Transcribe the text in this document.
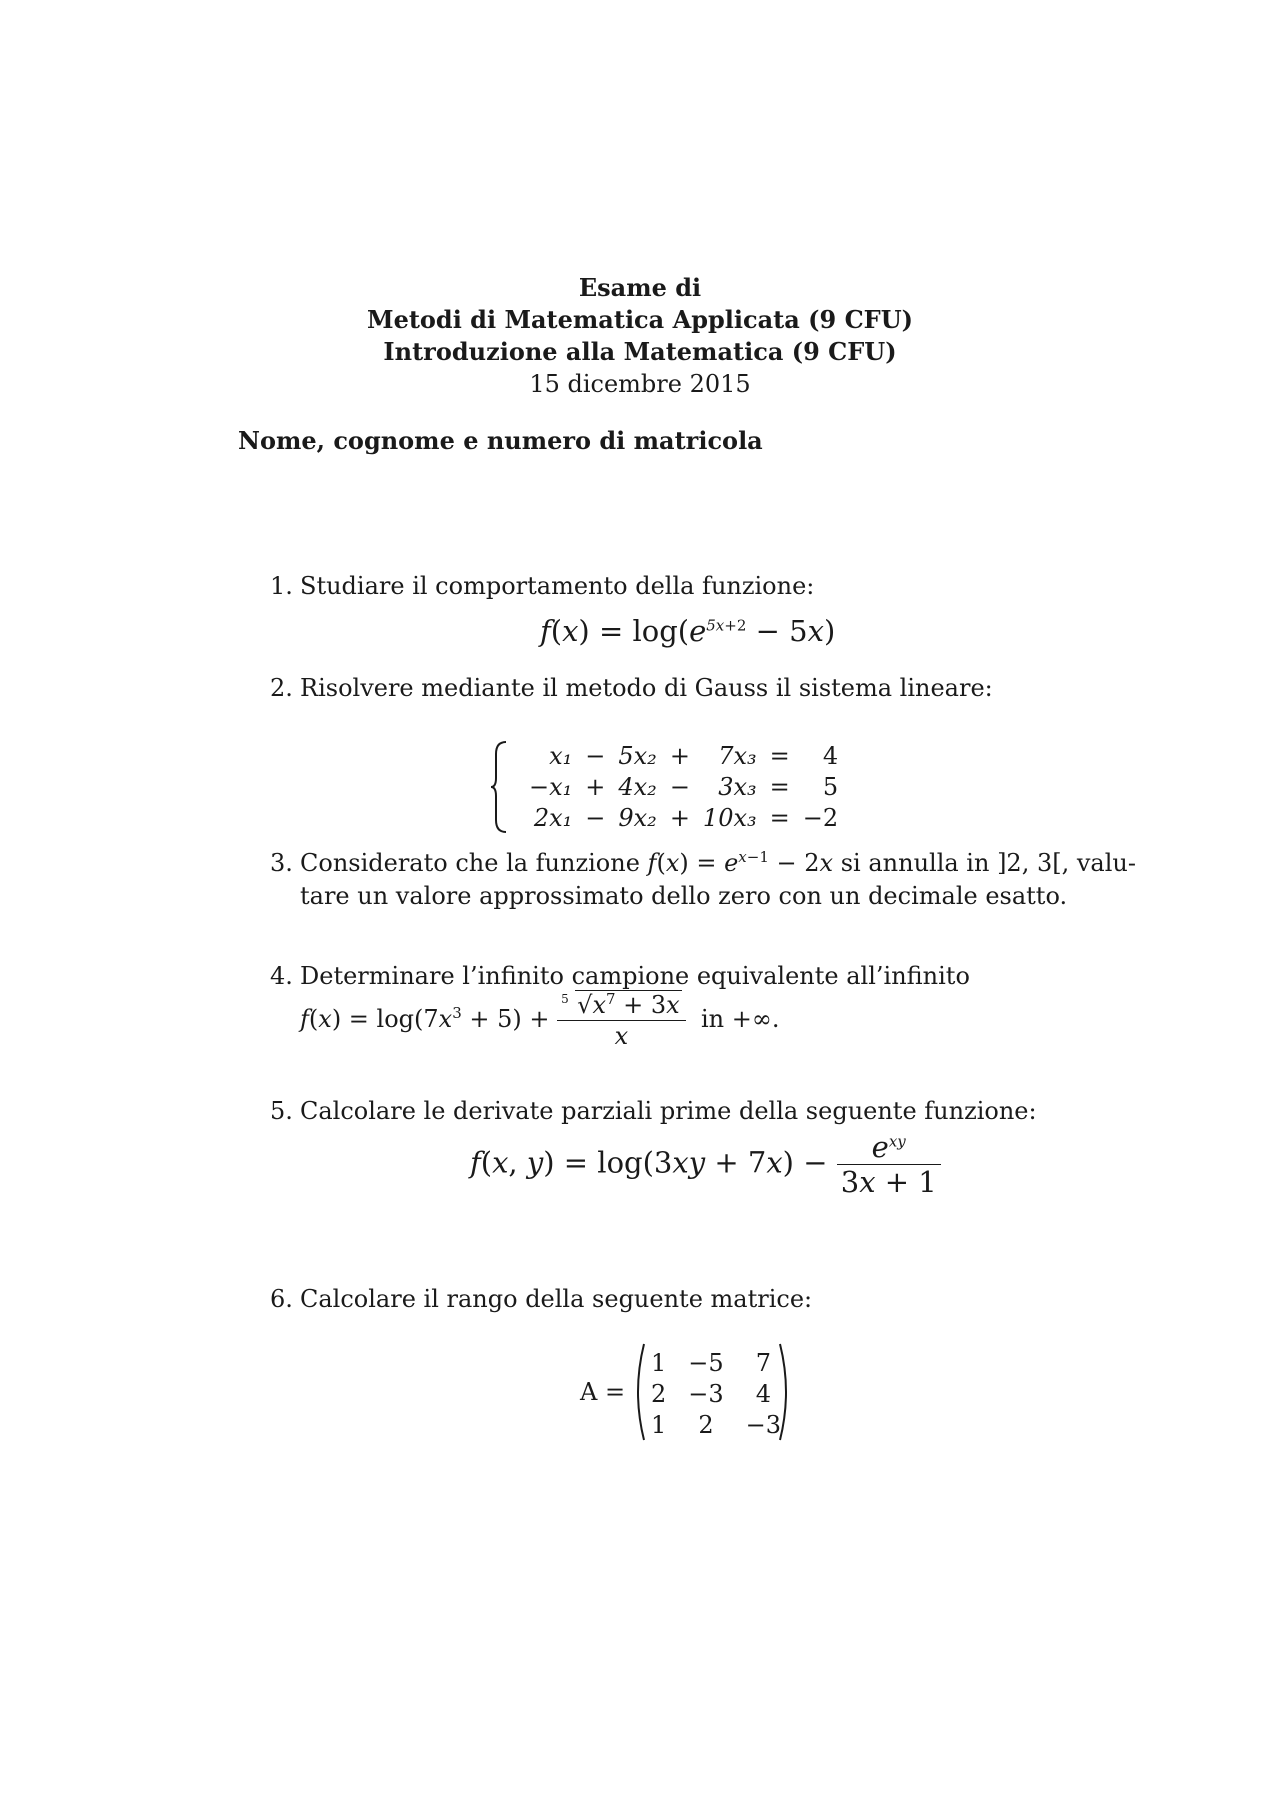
Esame di
Metodi di Matematica Applicata (9 CFU)
Introduzione alla Matematica (9 CFU)
15 dicembre 2015
Nome, cognome e numero di matricola
1. Studiare il comportamento della funzione:
$f(x) = \log(e^{5x+2} - 5x)$
2. Risolvere mediante il metodo di Gauss il sistema lineare:
x₁	−	5x₂	+	7x₃	=	4
−x₁	+	4x₂	−	3x₃	=	5
2x₁	−	9x₂	+	10x₃	=	−2
3. Considerato che la funzione $f(x) = e^{x-1} - 2x$ si annulla in ]2, 3[, valu-
tare un valore approssimato dello zero con un decimale esatto.
4. Determinare l’infinito campione equivalente all’infinito
$f(x) = \log(7x^3 + 5) + \frac{5 √x^7 + 3x}{x}$ in +∞.
5. Calcolare le derivate parziali prime della seguente funzione:
f(x, $y) = \log(3xy + 7x) - \frac{e^{xy}}{3x + 1}$
6. Calcolare il rango della seguente matrice:
A =
1	−5	7
2	−3	4
1	2	−3
